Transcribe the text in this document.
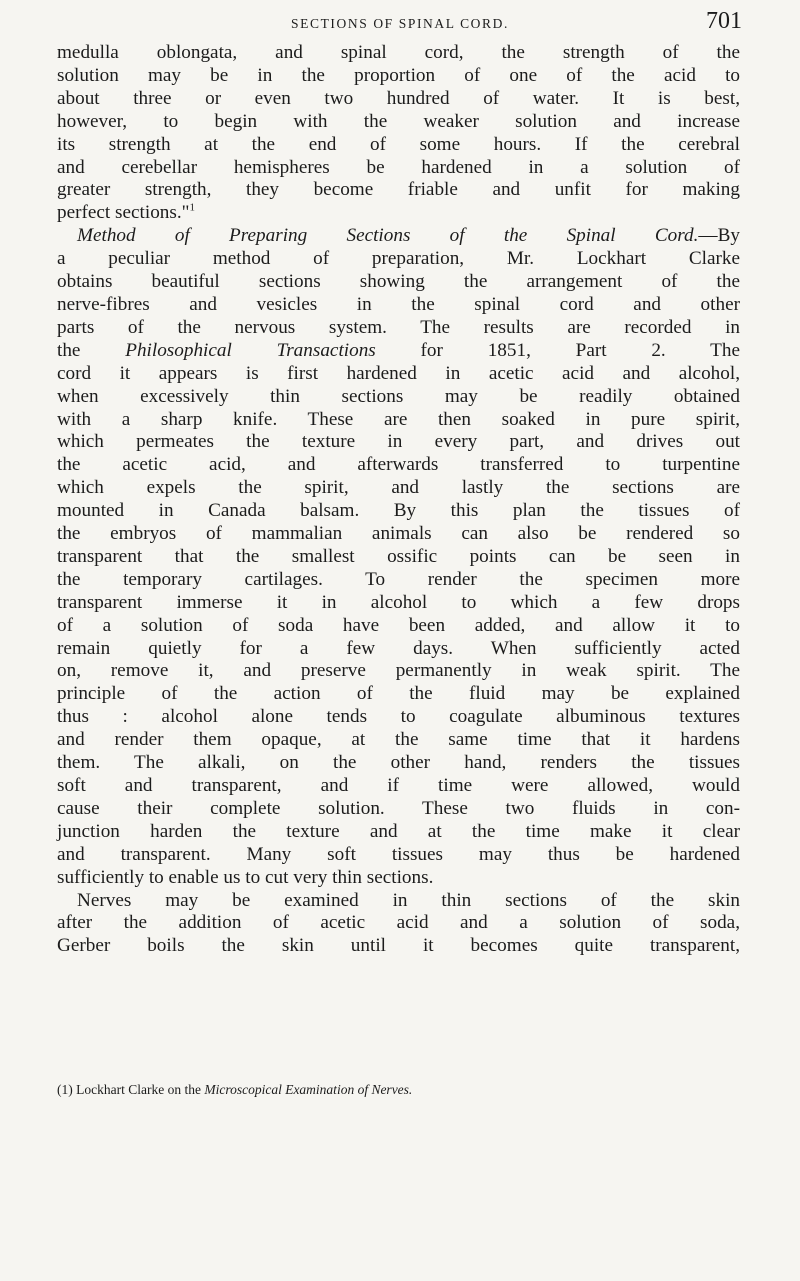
SECTIONS OF SPINAL CORD.	701

medulla oblongata, and spinal cord, the strength of the
solution may be in the proportion of one of the acid to
about three or even two hundred of water. It is best,
however, to begin with the weaker solution and increase
its strength at the end of some hours. If the cerebral
and cerebellar hemispheres be hardened in a solution of
greater strength, they become friable and unfit for making
perfect sections."$^1$

Method of Preparing Sections of the Spinal Cord.—By
a peculiar method of preparation, Mr. Lockhart Clarke
obtains beautiful sections showing the arrangement of the
nerve-fibres and vesicles in the spinal cord and other
parts of the nervous system. The results are recorded in
the Philosophical Transactions for 1851, Part 2. The
cord it appears is first hardened in acetic acid and alcohol,
when excessively thin sections may be readily obtained
with a sharp knife. These are then soaked in pure spirit,
which permeates the texture in every part, and drives out
the acetic acid, and afterwards transferred to turpentine
which expels the spirit, and lastly the sections are
mounted in Canada balsam. By this plan the tissues of
the embryos of mammalian animals can also be rendered so
transparent that the smallest ossific points can be seen in
the temporary cartilages. To render the specimen more
transparent immerse it in alcohol to which a few drops
of a solution of soda have been added, and allow it to
remain quietly for a few days. When sufficiently acted
on, remove it, and preserve permanently in weak spirit. The
principle of the action of the fluid may be explained
thus : alcohol alone tends to coagulate albuminous textures
and render them opaque, at the same time that it hardens
them. The alkali, on the other hand, renders the tissues
soft and transparent, and if time were allowed, would
cause their complete solution. These two fluids in con-
junction harden the texture and at the time make it clear
and transparent. Many soft tissues may thus be hardened
sufficiently to enable us to cut very thin sections.

Nerves may be examined in thin sections of the skin
after the addition of acetic acid and a solution of soda,
Gerber boils the skin until it becomes quite transparent,

(1) Lockhart Clarke on the Microscopical Examination of Nerves.
